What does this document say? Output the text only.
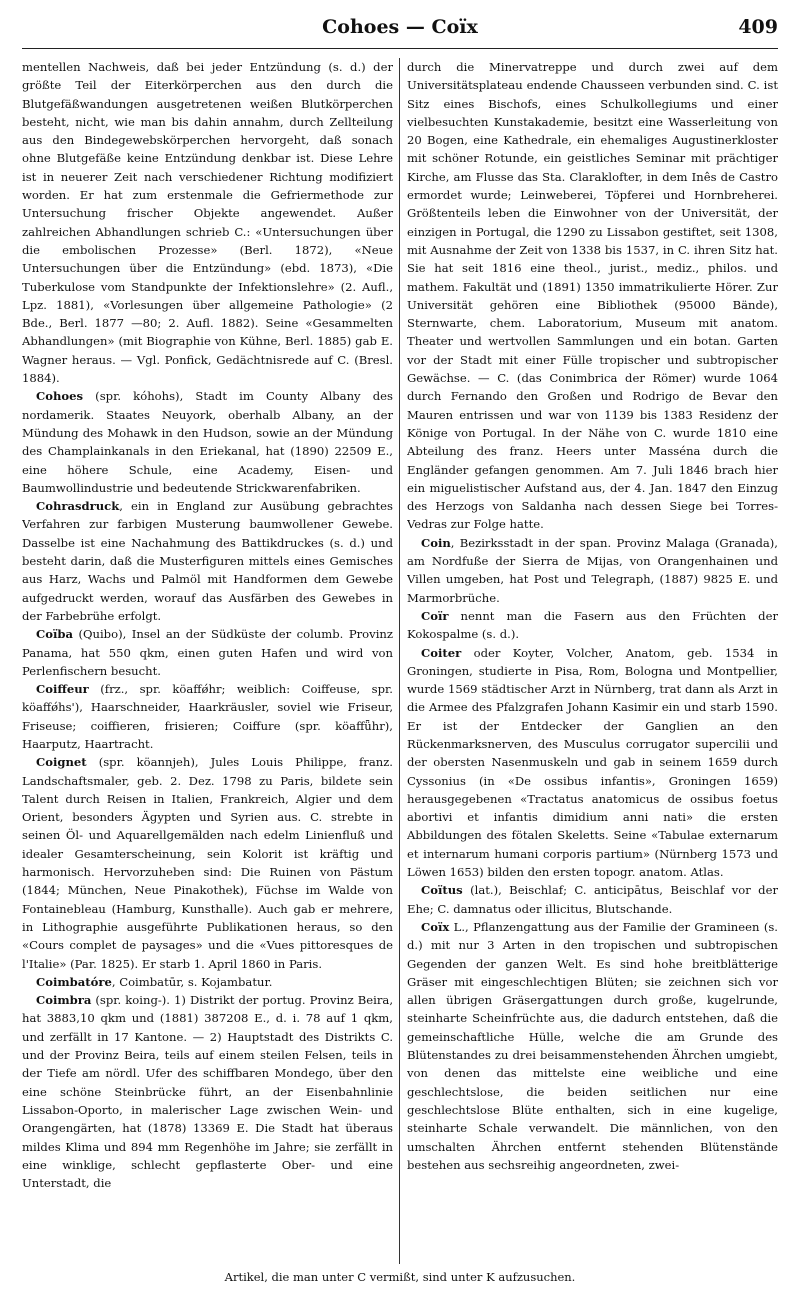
Cohoes — Coïx	409

mentellen Nachweis, daß bei jeder Entzündung (s. d.) der größte Teil der Eiterkörperchen aus den durch die Blutgefäßwandungen ausgetretenen weißen Blutkörperchen besteht, nicht, wie man bis dahin annahm, durch Zellteilung aus den Bindegewebskörperchen hervorgeht, daß sonach ohne Blutgefäße keine Entzündung denkbar ist. Diese Lehre ist in neuerer Zeit nach verschiedener Richtung modifiziert worden. Er hat zum erstenmale die Gefriermethode zur Untersuchung frischer Objekte angewendet. Außer zahlreichen Abhandlungen schrieb C.: «Untersuchungen über die embolischen Prozesse» (Berl. 1872), «Neue Untersuchungen über die Entzündung» (ebd. 1873), «Die Tuberkulose vom Standpunkte der Infektionslehre» (2. Aufl., Lpz. 1881), «Vorlesungen über allgemeine Pathologie» (2 Bde., Berl. 1877 —80; 2. Aufl. 1882). Seine «Gesammelten Abhandlungen» (mit Biographie von Kühne, Berl. 1885) gab E. Wagner heraus. — Vgl. Ponfick, Gedächtnisrede auf C. (Bresl. 1884).

Cohoes (spr. kóhohs), Stadt im County Albany des nordamerik. Staates Neuyork, oberhalb Albany, an der Mündung des Mohawk in den Hudson, sowie an der Mündung des Champlainkanals in den Eriekanal, hat (1890) 22509 E., eine höhere Schule, eine Academy, Eisen- und Baumwollindustrie und bedeutende Strickwarenfabriken.

Cohrasdruck, ein in England zur Ausübung gebrachtes Verfahren zur farbigen Musterung baumwollener Gewebe. Dasselbe ist eine Nachahmung des Battikdruckes (s. d.) und besteht darin, daß die Musterfiguren mittels eines Gemisches aus Harz, Wachs und Palmöl mit Handformen dem Gewebe aufgedruckt werden, worauf das Ausfärben des Gewebes in der Farbebrühe erfolgt.

Coïba (Quibo), Insel an der Südküste der columb. Provinz Panama, hat 550 qkm, einen guten Hafen und wird von Perlenfischern besucht.

Coiffeur (frz., spr. köaffǿhr; weiblich: Coiffeuse, spr. köaffǿhs'), Haarschneider, Haarkräusler, soviel wie Friseur, Friseuse; coiffieren, frisieren; Coiffure (spr. köaffǖhr), Haarputz, Haartracht.

Coignet (spr. köannjeh), Jules Louis Philippe, franz. Landschaftsmaler, geb. 2. Dez. 1798 zu Paris, bildete sein Talent durch Reisen in Italien, Frankreich, Algier und dem Orient, besonders Ägypten und Syrien aus. C. strebte in seinen Öl- und Aquarellgemälden nach edelm Linienfluß und idealer Gesamterscheinung, sein Kolorit ist kräftig und harmonisch. Hervorzuheben sind: Die Ruinen von Pästum (1844; München, Neue Pinakothek), Füchse im Walde von Fontainebleau (Hamburg, Kunsthalle). Auch gab er mehrere, in Lithographie ausgeführte Publikationen heraus, so den «Cours complet de paysages» und die «Vues pittoresques de l'Italie» (Par. 1825). Er starb 1. April 1860 in Paris.

Coimbatóre, Coimbatūr, s. Kojambatur.

Coimbra (spr. koing-). 1) Distrikt der portug. Provinz Beira, hat 3883,10 qkm und (1881) 387208 E., d. i. 78 auf 1 qkm, und zerfällt in 17 Kantone. — 2) Hauptstadt des Distrikts C. und der Provinz Beira, teils auf einem steilen Felsen, teils in der Tiefe am nördl. Ufer des schiffbaren Mondego, über den eine schöne Steinbrücke führt, an der Eisenbahnlinie Lissabon-Oporto, in malerischer Lage zwischen Wein- und Orangengärten, hat (1878) 13369 E. Die Stadt hat überaus mildes Klima und 894 mm Regenhöhe im Jahre; sie zerfällt in eine winklige, schlecht gepflasterte Ober- und eine Unterstadt, die

durch die Minervatreppe und durch zwei auf dem Universitätsplateau endende Chausseen verbunden sind. C. ist Sitz eines Bischofs, eines Schulkollegiums und einer vielbesuchten Kunstakademie, besitzt eine Wasserleitung von 20 Bogen, eine Kathedrale, ein ehemaliges Augustinerkloster mit schöner Rotunde, ein geistliches Seminar mit prächtiger Kirche, am Flusse das Sta. Claraklofter, in dem Inês de Castro ermordet wurde; Leinweberei, Töpferei und Hornbreherei. Größtenteils leben die Einwohner von der Universität, der einzigen in Portugal, die 1290 zu Lissabon gestiftet, seit 1308, mit Ausnahme der Zeit von 1338 bis 1537, in C. ihren Sitz hat. Sie hat seit 1816 eine theol., jurist., mediz., philos. und mathem. Fakultät und (1891) 1350 immatrikulierte Hörer. Zur Universität gehören eine Bibliothek (95000 Bände), Sternwarte, chem. Laboratorium, Museum mit anatom. Theater und wertvollen Sammlungen und ein botan. Garten vor der Stadt mit einer Fülle tropischer und subtropischer Gewächse. — C. (das Conimbrica der Römer) wurde 1064 durch Fernando den Großen und Rodrigo de Bevar den Mauren entrissen und war von 1139 bis 1383 Residenz der Könige von Portugal. In der Nähe von C. wurde 1810 eine Abteilung des franz. Heers unter Masséna durch die Engländer gefangen genommen. Am 7. Juli 1846 brach hier ein miguelistischer Aufstand aus, der 4. Jan. 1847 den Einzug des Herzogs von Saldanha nach dessen Siege bei Torres-Vedras zur Folge hatte.

Coin, Bezirksstadt in der span. Provinz Malaga (Granada), am Nordfuße der Sierra de Mijas, von Orangenhainen und Villen umgeben, hat Post und Telegraph, (1887) 9825 E. und Marmorbrüche.

Coïr nennt man die Fasern aus den Früchten der Kokospalme (s. d.).

Coiter oder Koyter, Volcher, Anatom, geb. 1534 in Groningen, studierte in Pisa, Rom, Bologna und Montpellier, wurde 1569 städtischer Arzt in Nürnberg, trat dann als Arzt in die Armee des Pfalzgrafen Johann Kasimir ein und starb 1590. Er ist der Entdecker der Ganglien an den Rückenmarksnerven, des Musculus corrugator supercilii und der obersten Nasenmuskeln und gab in seinem 1659 durch Cyssonius (in «De ossibus infantis», Groningen 1659) herausgegebenen «Tractatus anatomicus de ossibus foetus abortivi et infantis dimidium anni nati» die ersten Abbildungen des fötalen Skeletts. Seine «Tabulae externarum et internarum humani corporis partium» (Nürnberg 1573 und Löwen 1653) bilden den ersten topogr. anatom. Atlas.

Coïtus (lat.), Beischlaf; C. anticipātus, Beischlaf vor der Ehe; C. damnatus oder illicitus, Blutschande.

Coïx L., Pflanzengattung aus der Familie der Gramineen (s. d.) mit nur 3 Arten in den tropischen und subtropischen Gegenden der ganzen Welt. Es sind hohe breitblätterige Gräser mit eingeschlechtigen Blüten; sie zeichnen sich vor allen übrigen Gräsergattungen durch große, kugelrunde, steinharte Scheinfrüchte aus, die dadurch entstehen, daß die gemeinschaftliche Hülle, welche die am Grunde des Blütenstandes zu drei beisammenstehenden Ährchen umgiebt, von denen das mittelste eine weibliche und eine geschlechtslose, die beiden seitlichen nur eine geschlechtslose Blüte enthalten, sich in eine kugelige, steinharte Schale verwandelt. Die männlichen, von den umschalten Ährchen entfernt stehenden Blütenstände bestehen aus sechsreihig angeordneten, zwei-

Artikel, die man unter C vermißt, sind unter K aufzusuchen.
